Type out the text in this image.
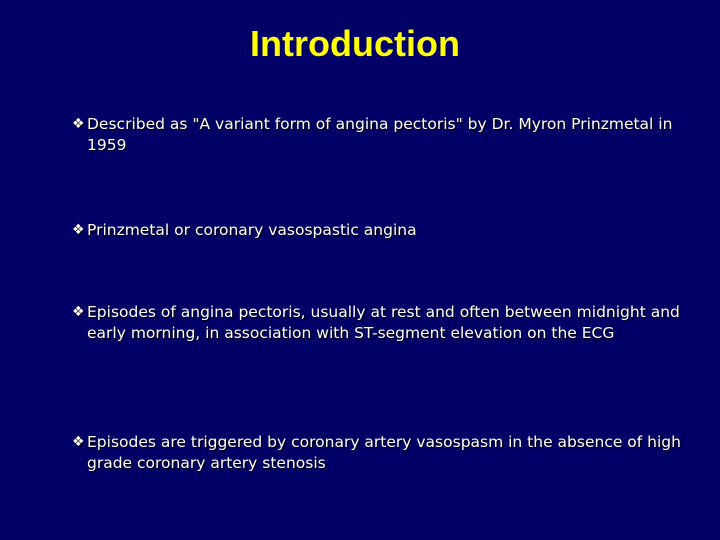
Introduction
❖ Described as "A variant form of angina pectoris" by Dr. Myron Prinzmetal in 1959
❖ Prinzmetal or coronary vasospastic angina
❖ Episodes of angina pectoris, usually at rest and often between midnight and early morning, in association with ST-segment elevation on the ECG
❖ Episodes are triggered by coronary artery vasospasm in the absence of high grade coronary artery stenosis
